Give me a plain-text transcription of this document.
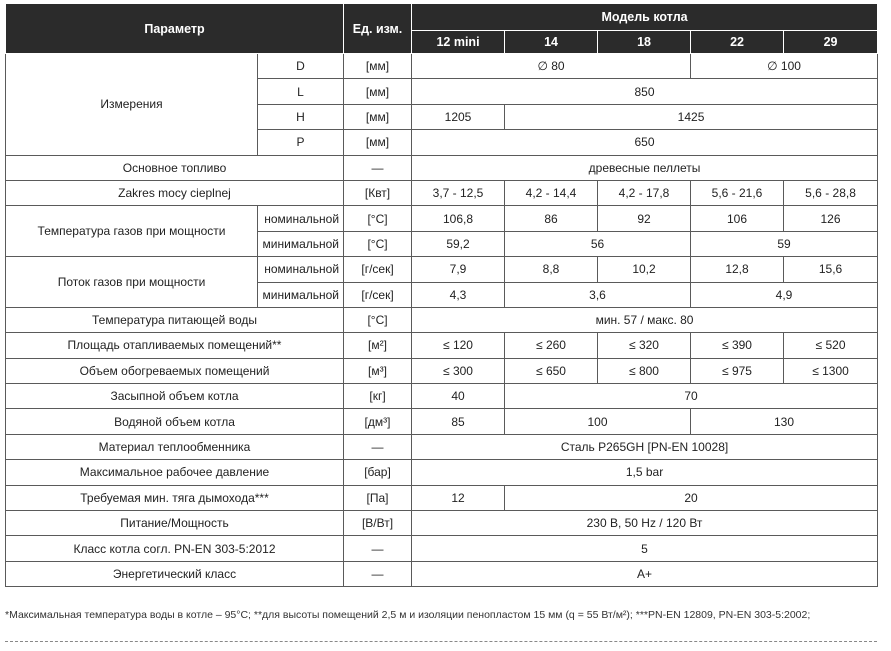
Параметр		Ед. изм.	Модель котла				
			12 mini	14	18	22	29
Измерения	D	[мм]	∅ 80			∅ 100	
	L	[мм]	850				
	H	[мм]	1205	1425			
	P	[мм]	650				
Основное топливо		—	древесные пеллеты				
Zakres mocy cieplnej		[Квт]	3,7 - 12,5	4,2 - 14,4	4,2 - 17,8	5,6 - 21,6	5,6 - 28,8
Температура газов при мощности	номинальной	[°C]	106,8	86	92	106	126
	минимальной	[°C]	59,2	56		59	
Поток газов при мощности	номинальной	[г/сек]	7,9	8,8	10,2	12,8	15,6
	минимальной	[г/сек]	4,3	3,6		4,9	
Температура питающей воды		[°C]	мин. 57 / макс. 80				
Площадь отапливаемых помещений**		[м²]	≤ 120	≤ 260	≤ 320	≤ 390	≤ 520
Объем обогреваемых помещений		[м³]	≤ 300	≤ 650	≤ 800	≤ 975	≤ 1300
Засыпной объем котла		[кг]	40	70			
Водяной объем котла		[дм³]	85	100		130	
Материал теплообменника		—	Сталь P265GH [PN-EN 10028]				
Максимальное рабочее давление		[бар]	1,5 bar				
Требуемая мин. тяга дымохода***		[Па]	12	20			
Питание/Мощность		[В/Вт]	230 В, 50 Hz / 120 Вт				
Класс котла согл. PN-EN 303-5:2012		—	5				
Энергетический класс		—	A+				
*Максимальная температура воды в котле – 95°C; **для высоты помещений 2,5 м и изоляции пенопластом 15 мм (q = 55 Вт/м²); ***PN-EN 12809, PN-EN 303-5:2002;
